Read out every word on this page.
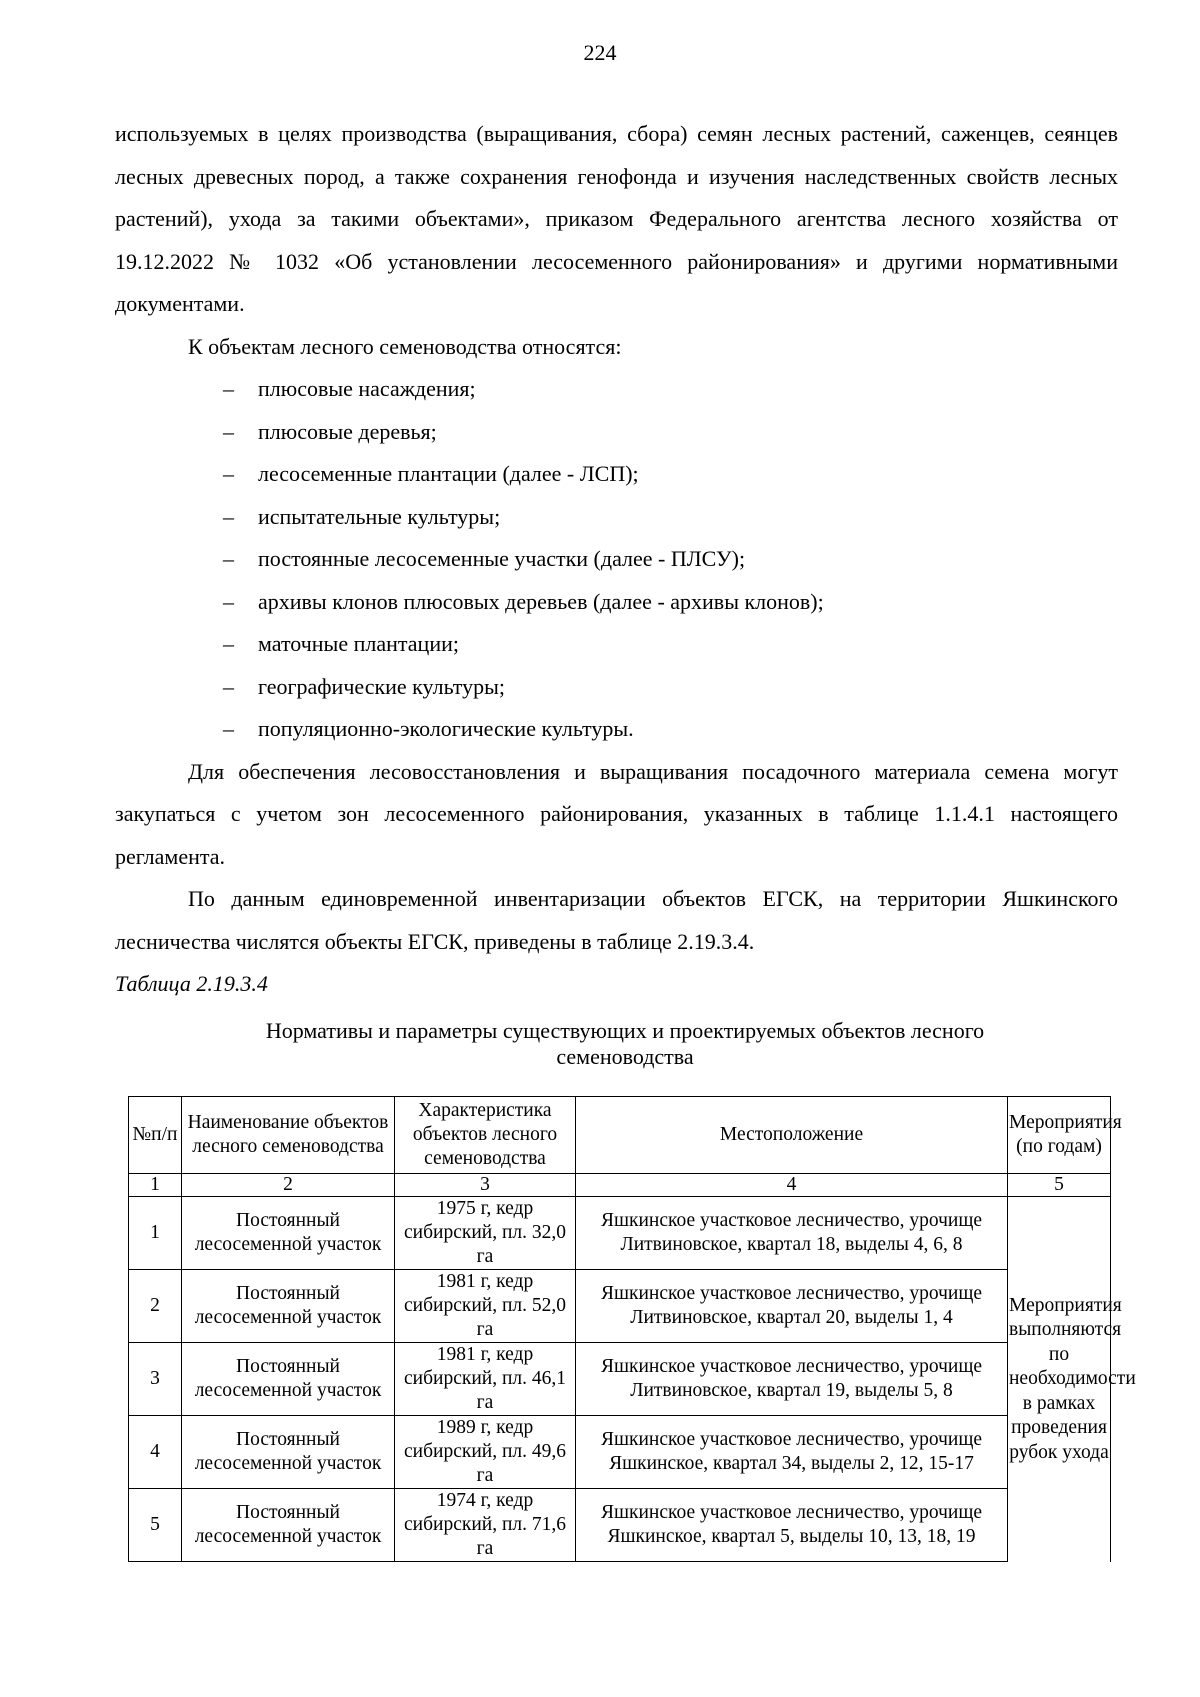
224

используемых в целях производства (выращивания, сбора) семян лесных растений, саженцев, сеянцев лесных древесных пород, а также сохранения генофонда и изучения наследственных свойств лесных растений), ухода за такими объектами», приказом Федерального агентства лесного хозяйства от 19.12.2022 № 1032 «Об установлении лесосеменного районирования» и другими нормативными документами.

К объектам лесного семеноводства относятся:

– плюсовые насаждения;
– плюсовые деревья;
– лесосеменные плантации (далее - ЛСП);
– испытательные культуры;
– постоянные лесосеменные участки (далее - ПЛСУ);
– архивы клонов плюсовых деревьев (далее - архивы клонов);
– маточные плантации;
– географические культуры;
– популяционно-экологические культуры.

Для обеспечения лесовосстановления и выращивания посадочного материала семена могут закупаться с учетом зон лесосеменного районирования, указанных в таблице 1.1.4.1 настоящего регламента.

По данным единовременной инвентаризации объектов ЕГСК, на территории Яшкинского лесничества числятся объекты ЕГСК, приведены в таблице 2.19.3.4.

Таблица 2.19.3.4

Нормативы и параметры существующих и проектируемых объектов лесного семеноводства
№п/п	Наименование объектов лесного семеноводства	Характеристика объектов лесного семеноводства	Местоположение	Мероприятия (по годам)
1	2	3	4	5
1	Постоянный лесосеменной участок	1975 г, кедр сибирский, пл. 32,0 га	Яшкинское участковое лесничество, урочище Литвиновское, квартал 18, выделы 4, 6, 8	Мероприятия выполняются по необходимости в рамках проведения рубок ухода
2	Постоянный лесосеменной участок	1981 г, кедр сибирский, пл. 52,0 га	Яшкинское участковое лесничество, урочище Литвиновское, квартал 20, выделы 1, 4	
3	Постоянный лесосеменной участок	1981 г, кедр сибирский, пл. 46,1 га	Яшкинское участковое лесничество, урочище Литвиновское, квартал 19, выделы 5, 8	
4	Постоянный лесосеменной участок	1989 г, кедр сибирский, пл. 49,6 га	Яшкинское участковое лесничество, урочище Яшкинское, квартал 34, выделы 2, 12, 15-17	
5	Постоянный лесосеменной участок	1974 г, кедр сибирский, пл. 71,6 га	Яшкинское участковое лесничество, урочище Яшкинское, квартал 5, выделы 10, 13, 18, 19	
